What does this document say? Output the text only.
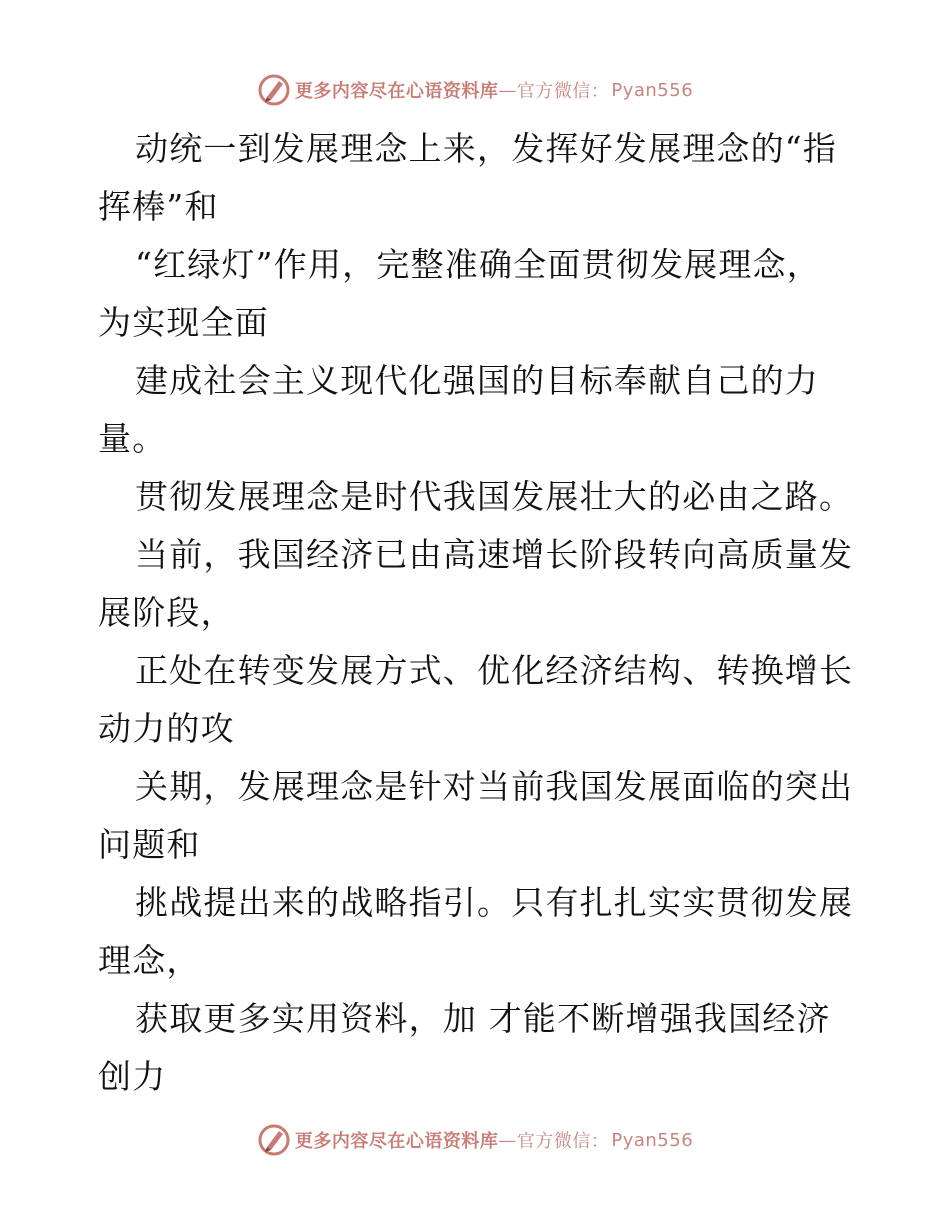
更多内容尽在心语资料库 — 官方微信： Pyan556

动统一到发展理念上来，发挥好发展理念的“指
挥棒”和

“红绿灯”作用，完整准确全面贯彻发展理念，
为实现全面

建成社会主义现代化强国的目标奉献自己的力
量。

贯彻发展理念是时代我国发展壮大的必由之路。

当前，我国经济已由高速增长阶段转向高质量发
展阶段，

正处在转变发展方式、优化经济结构、转换增长
动力的攻

关期，发展理念是针对当前我国发展面临的突出
问题和

挑战提出来的战略指引。只有扎扎实实贯彻发展
理念，

获取更多实用资料，加 才能不断增强我国经济
创力

更多内容尽在心语资料库 — 官方微信： Pyan556
